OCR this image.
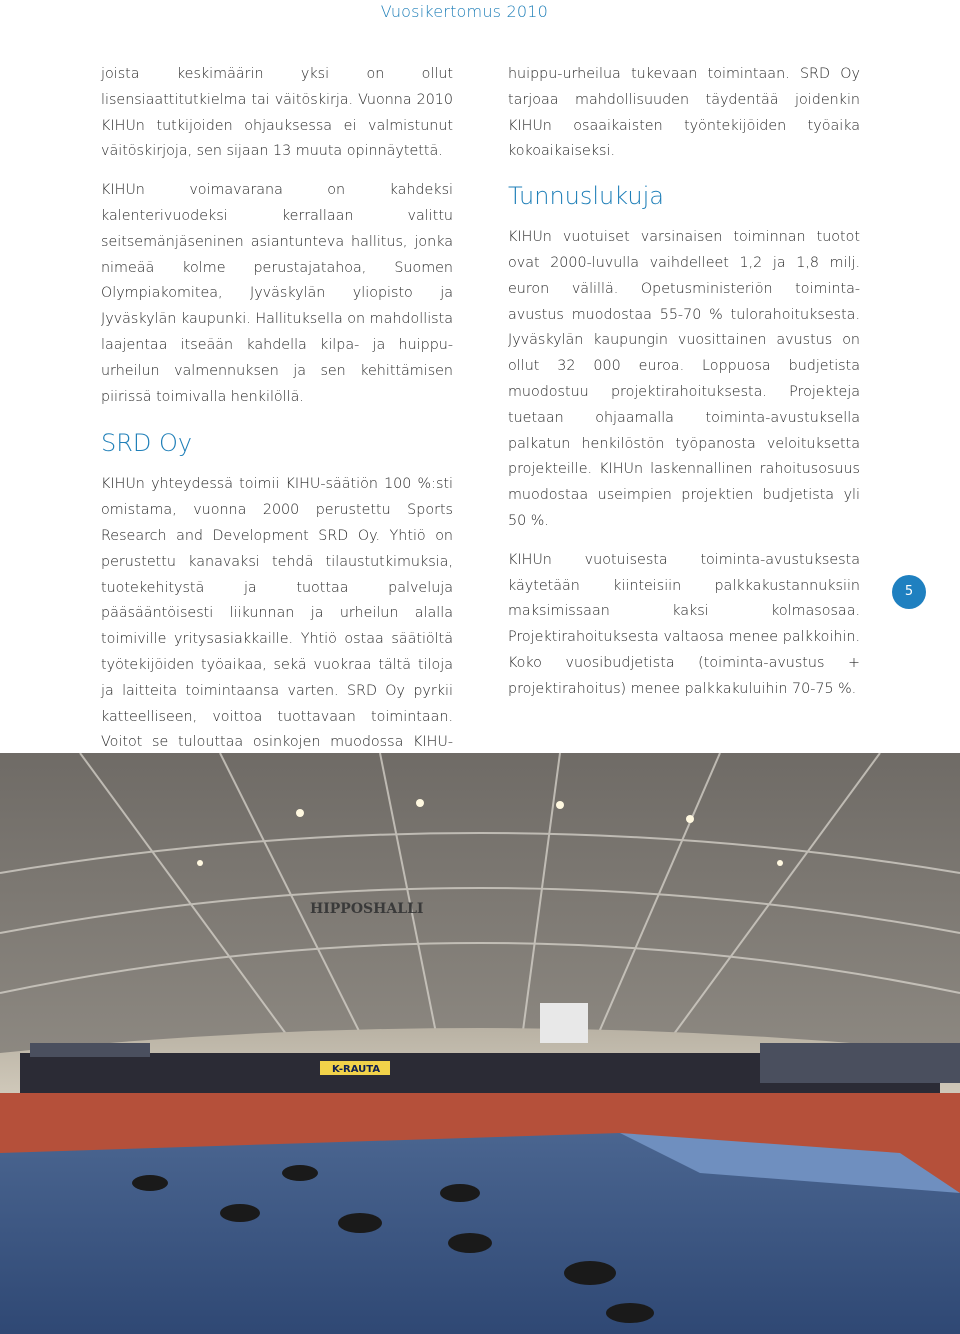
Vuosikertomus 2010

joista keskimäärin yksi on ollut lisensiaattitutkielma tai väitöskirja. Vuonna 2010 KIHUn tutkijoiden ohjauksessa ei valmistunut väitöskirjoja, sen sijaan 13 muuta opinnäytettä.

KIHUn voimavarana on kahdeksi kalenterivuodeksi kerrallaan valittu seitsemänjäseninen asiantunteva hallitus, jonka nimeää kolme perustajatahoa, Suomen Olympiakomitea, Jyväskylän yliopisto ja Jyväskylän kaupunki. Hallituksella on mahdollista laajentaa itseään kahdella kilpa- ja huippu-urheilun valmennuksen ja sen kehittämisen piirissä toimivalla henkilöllä.

SRD Oy

KIHUn yhteydessä toimii KIHU-säätiön 100 %:sti omistama, vuonna 2000 perustettu Sports Research and Development SRD Oy. Yhtiö on perustettu kanavaksi tehdä tilaustutkimuksia, tuotekehitystä ja tuottaa palveluja pääsääntöisesti liikunnan ja urheilun alalla toimiville yritysasiakkaille. Yhtiö ostaa säätiöltä työtekijöiden työaikaa, sekä vuokraa tältä tiloja ja laitteita toimintaansa varten. SRD Oy pyrkii katteelliseen, voittoa tuottavaan toimintaan. Voitot se tulouttaa osinkojen muodossa KIHU-

huippu-urheilua tukevaan toimintaan. SRD Oy tarjoaa mahdollisuuden täydentää joidenkin KIHUn osaaikaisten työntekijöiden työaika kokoaikaiseksi.

Tunnuslukuja

KIHUn vuotuiset varsinaisen toiminnan tuotot ovat 2000-luvulla vaihdelleet 1,2 ja 1,8 milj. euron välillä. Opetusministeriön toiminta-avustus muodostaa 55-70 % tulorahoituksesta. Jyväskylän kaupungin vuosittainen avustus on ollut 32 000 euroa. Loppuosa budjetista muodostuu projektirahoituksesta. Projekteja tuetaan ohjaamalla toiminta-avustuksella palkatun henkilöstön työpanosta veloituksetta projekteille. KIHUn laskennallinen rahoitusosuus muodostaa useimpien projektien budjetista yli 50 %.

KIHUn vuotuisesta toiminta-avustuksesta käytetään kiinteisiin palkkakustannuksiin maksimissaan kaksi kolmasosaa. Projektirahoituksesta valtaosa menee palkkoihin. Koko vuosibudjetista (toiminta-avustus + projektirahoitus) menee palkkakuluihin 70-75 %.

5
HIPPOSHALLI
K-RAUTA
